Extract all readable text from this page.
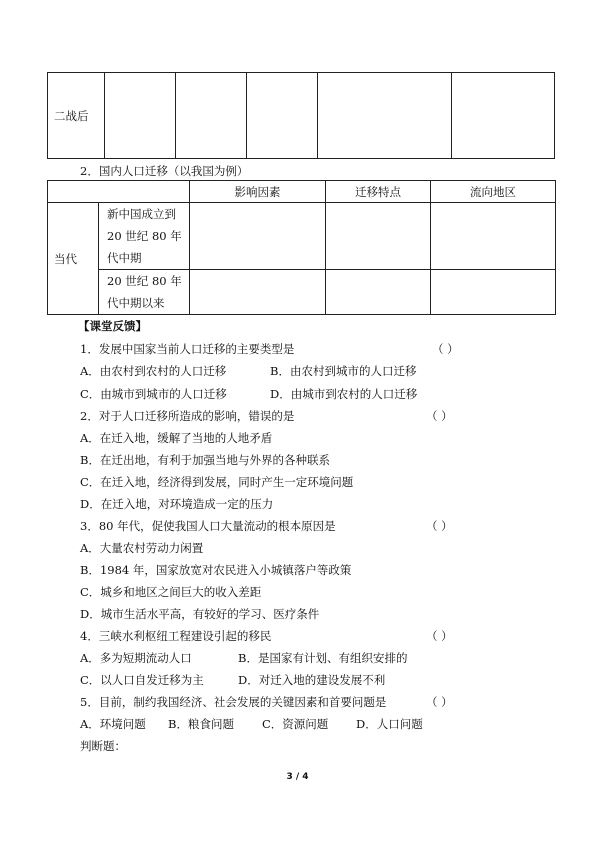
二战后					
2．国内人口迁移（以我国为例）
		影响因素	迁移特点	流向地区
当代	新中国成立到
20 世纪 80 年
代中期			

	20 世纪 80 年
代中期以来			

【课堂反馈】
1．发展中国家当前人口迁移的主要类型是	（ ）
A．由农村到农村的人口迁移	B．由农村到城市的人口迁移
C．由城市到城市的人口迁移	D．由城市到农村的人口迁移
2．对于人口迁移所造成的影响，错误的是	（ ）
A．在迁入地，缓解了当地的人地矛盾
B．在迁出地，有利于加强当地与外界的各种联系
C．在迁入地，经济得到发展，同时产生一定环境问题
D．在迁入地，对环境造成一定的压力
3．80 年代，促使我国人口大量流动的根本原因是	（ ）
A．大量农村劳动力闲置
B．1984 年，国家放宽对农民进入小城镇落户等政策
C．城乡和地区之间巨大的收入差距
D．城市生活水平高，有较好的学习、医疗条件
4．三峡水利枢纽工程建设引起的移民	（ ）
A．多为短期流动人口	B．是国家有计划、有组织安排的
C．以人口自发迁移为主	D．对迁入地的建设发展不利
5．目前，制约我国经济、社会发展的关键因素和首要问题是	（ ）
A．环境问题 B．粮食问题 C．资源问题 D．人口问题
判断题：
3 / 4
